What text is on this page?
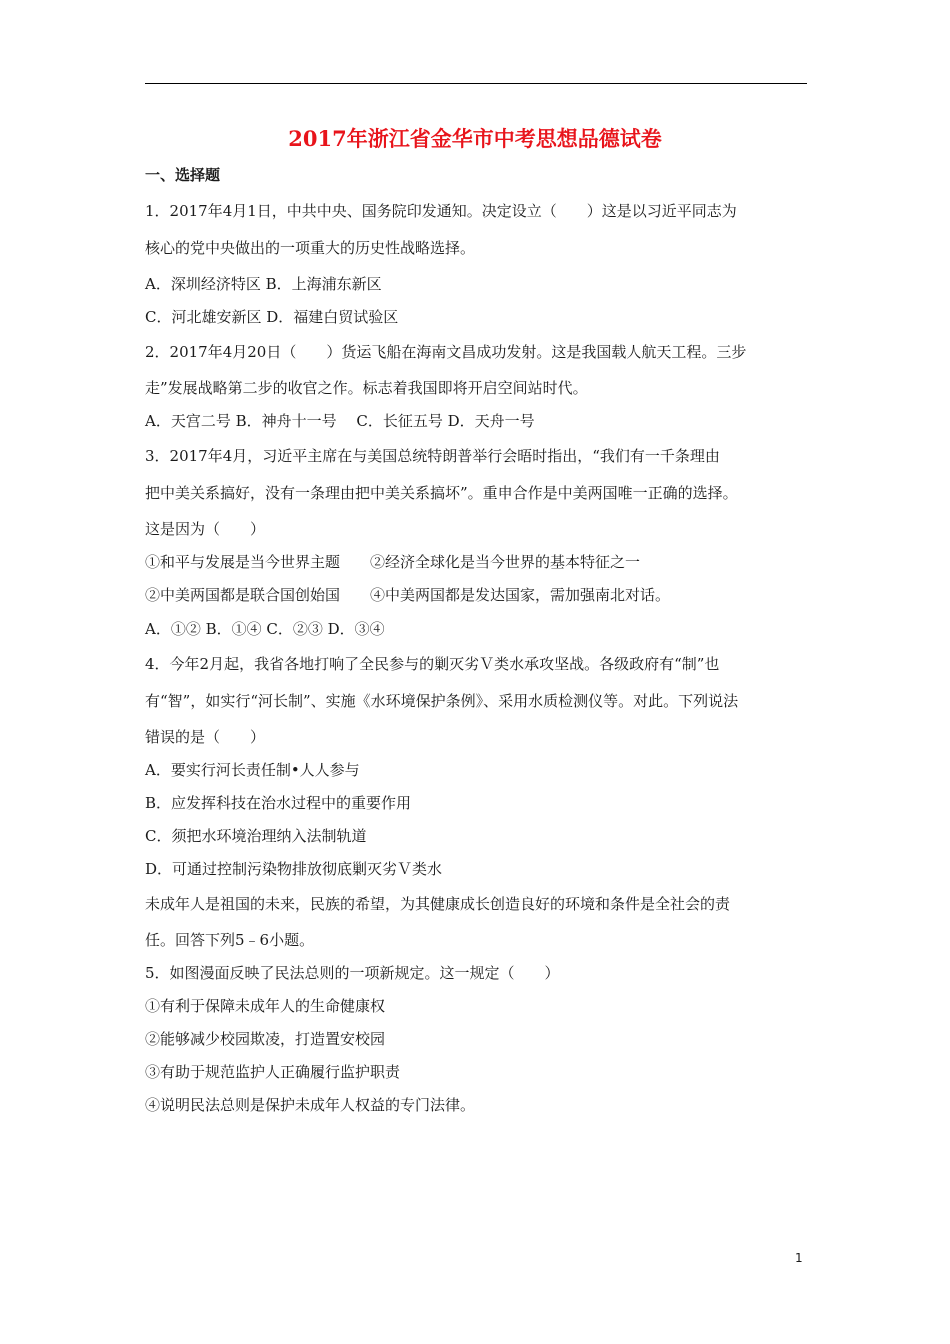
2017年浙江省金华市中考思想品德试卷
一、选择题
1．2017年4月1日，中共中央、国务院印发通知。决定设立（　　）这是以习近平同志为
核心的党中央做出的一项重大的历史性战略选择。
A．深圳经济特区 B．上海浦东新区
C．河北雄安新区 D．福建白贸试验区
2．2017年4月20日（　　）货运飞船在海南文昌成功发射。这是我国载人航天工程。三步
走”发展战略第二步的收官之作。标志着我国即将开启空间站时代。
A．天宫二号 B．神舟十一号　 C．长征五号 D．天舟一号
3．2017年4月，习近平主席在与美国总统特朗普举行会晤时指出，“我们有一千条理由
把中美关系搞好，没有一条理由把中美关系搞坏”。重申合作是中美两国唯一正确的选择。
这是因为（　　）
①和平与发展是当今世界主题　　②经济全球化是当今世界的基本特征之一
②中美两国都是联合国创始国　　④中美两国都是发达国家，需加强南北对话。
A．①② B．①④ C．②③ D．③④
4．今年2月起，我省各地打响了全民参与的剿灭劣Ｖ类水承攻坚战。各级政府有“制”也
有“智”，如实行“河长制”、实施《水环境保护条例》、采用水质检测仪等。对此。下列说法
错误的是（　　）
A．要实行河长责任制•人人参与
B．应发挥科技在治水过程中的重要作用
C．须把水环境治理纳入法制轨道
D．可通过控制污染物排放彻底剿灭劣Ｖ类水
未成年人是祖国的未来，民族的希望，为其健康成长创造良好的环境和条件是全社会的责
任。回答下列5﹣6小题。
5．如图漫面反映了民法总则的一项新规定。这一规定（　　）
①有利于保障未成年人的生命健康权
②能够减少校园欺凌，打造置安校园
③有助于规范监护人正确履行监护职责
④说明民法总则是保护未成年人权益的专门法律。
1
